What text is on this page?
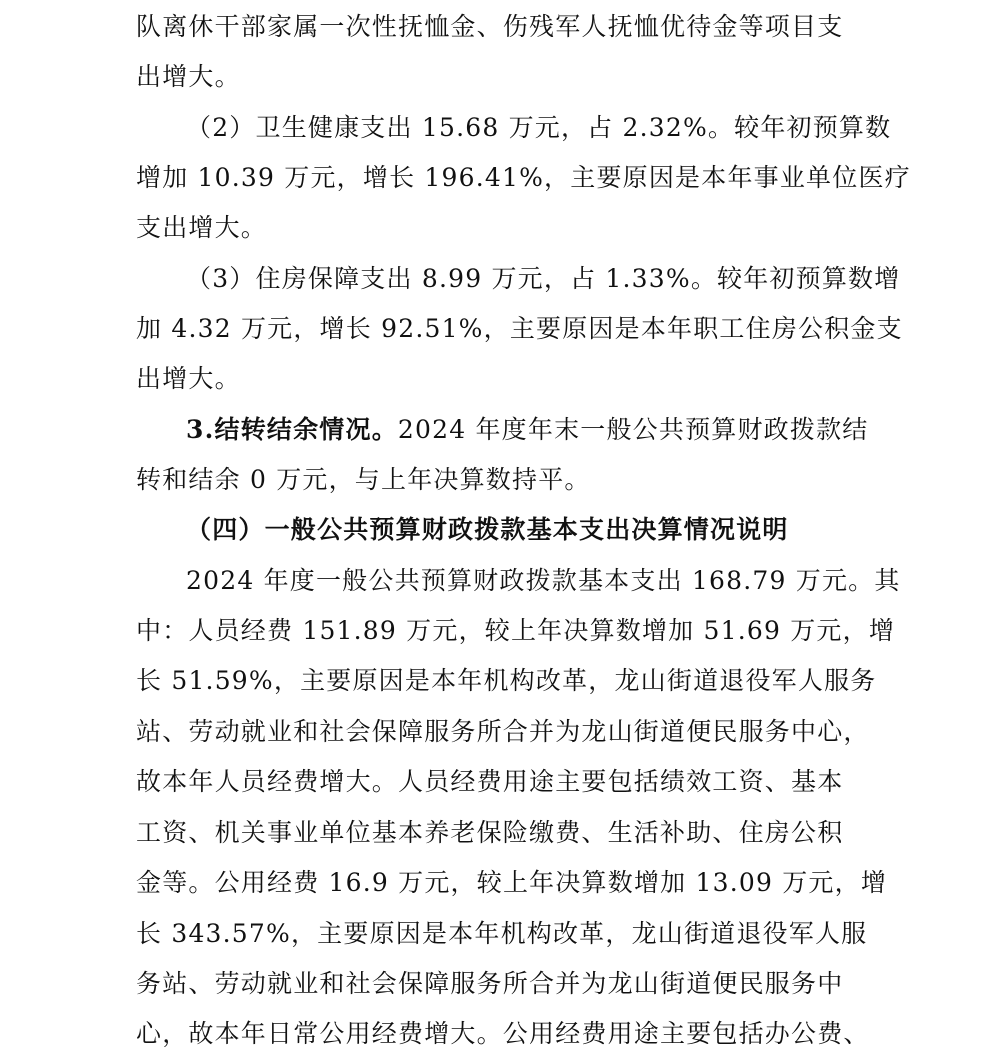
队离休干部家属一次性抚恤金、伤残军人抚恤优待金等项目支
出增大。
（2）卫生健康支出 15.68 万元，占 2.32%。较年初预算数
增加 10.39 万元，增长 196.41%，主要原因是本年事业单位医疗
支出增大。
（3）住房保障支出 8.99 万元，占 1.33%。较年初预算数增
加 4.32 万元，增长 92.51%，主要原因是本年职工住房公积金支
出增大。
3.结转结余情况。2024 年度年末一般公共预算财政拨款结
转和结余 0 万元，与上年决算数持平。
（四）一般公共预算财政拨款基本支出决算情况说明
2024 年度一般公共预算财政拨款基本支出 168.79 万元。其
中：人员经费 151.89 万元，较上年决算数增加 51.69 万元，增
长 51.59%，主要原因是本年机构改革，龙山街道退役军人服务
站、劳动就业和社会保障服务所合并为龙山街道便民服务中心，
故本年人员经费增大。人员经费用途主要包括绩效工资、基本
工资、机关事业单位基本养老保险缴费、生活补助、住房公积
金等。公用经费 16.9 万元，较上年决算数增加 13.09 万元，增
长 343.57%，主要原因是本年机构改革，龙山街道退役军人服
务站、劳动就业和社会保障服务所合并为龙山街道便民服务中
心，故本年日常公用经费增大。公用经费用途主要包括办公费、
